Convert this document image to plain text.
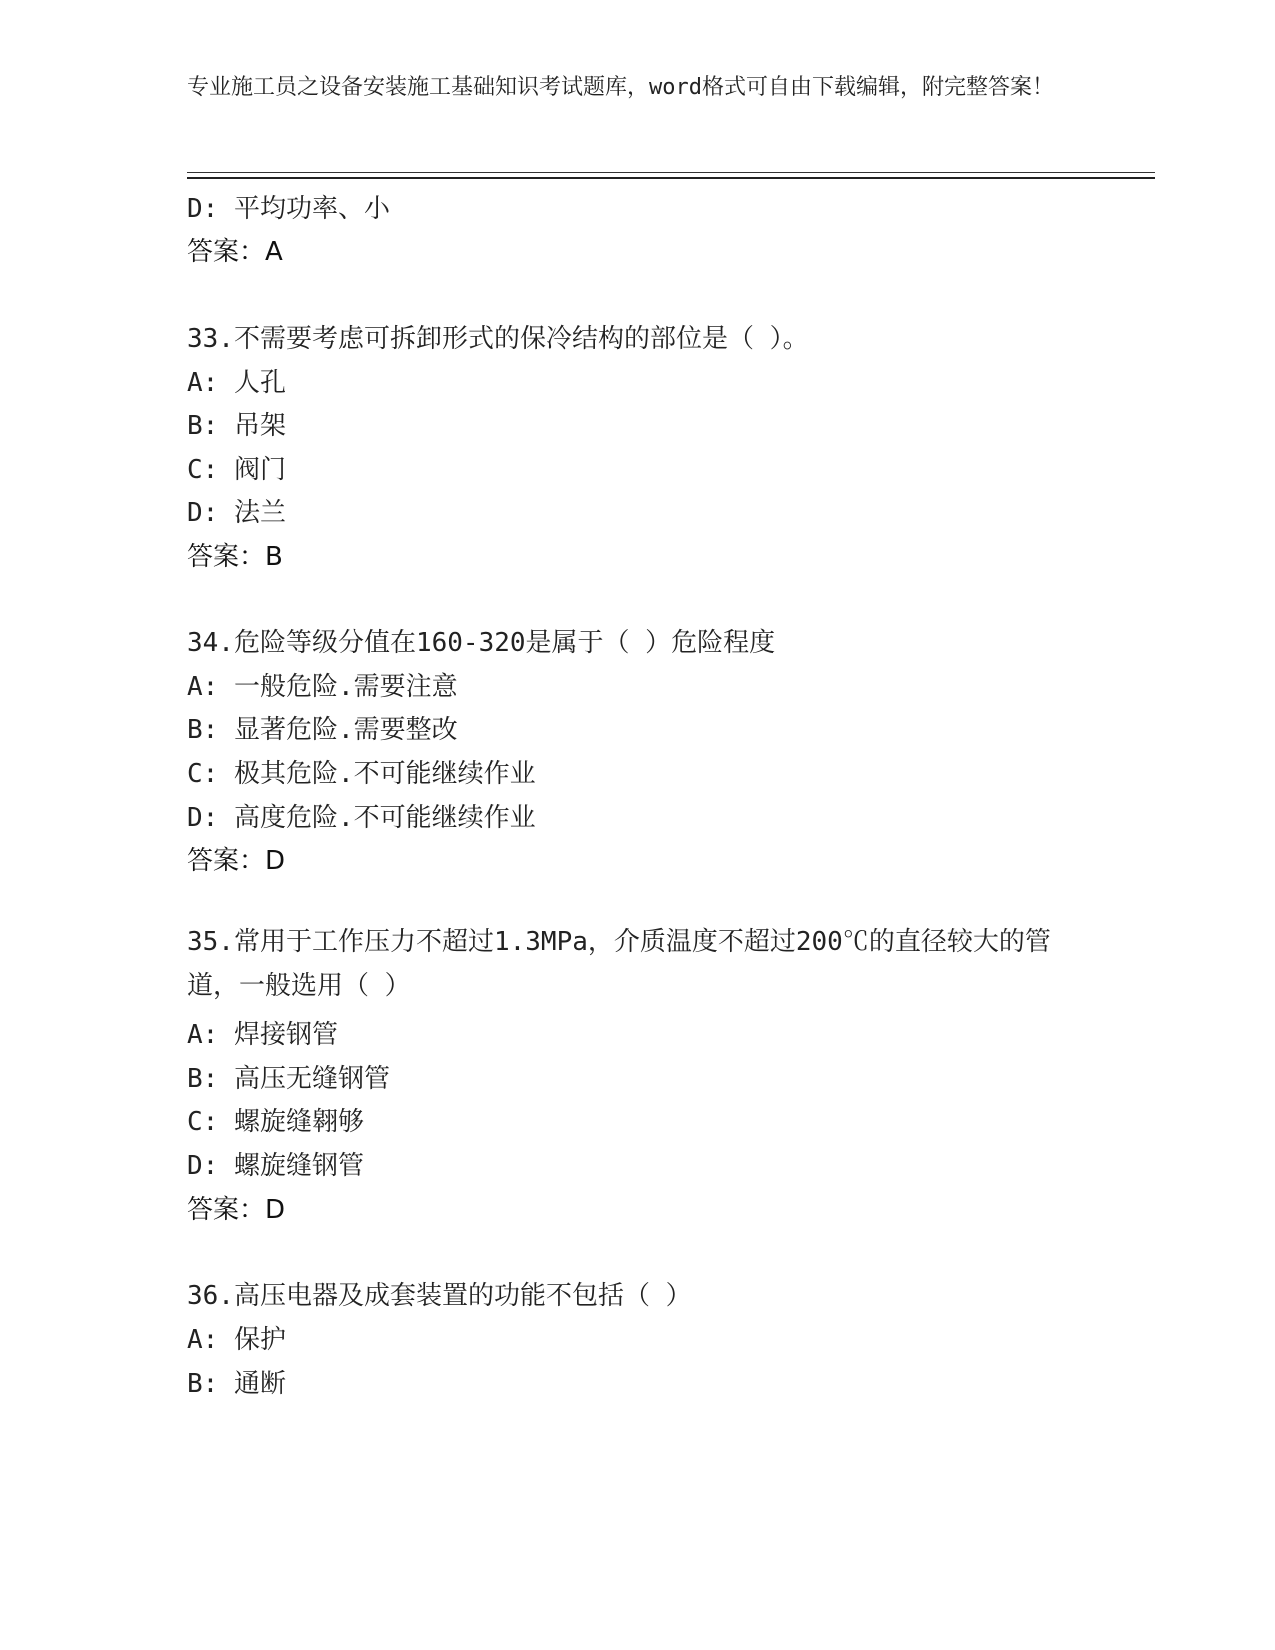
专业施工员之设备安装施工基础知识考试题库，word格式可自由下载编辑，附完整答案！
D: 平均功率、小
答案：A
33.不需要考虑可拆卸形式的保冷结构的部位是（ ）。
A: 人孔
B: 吊架
C: 阀门
D: 法兰
答案：B
34.危险等级分值在160-320是属于（ ）危险程度
A: 一般危险.需要注意
B: 显著危险.需要整改
C: 极其危险.不可能继续作业
D: 高度危险.不可能继续作业
答案：D
35.常用于工作压力不超过1.3MPa，介质温度不超过200℃的直径较大的管道，一般选用（ ）
A: 焊接钢管
B: 高压无缝钢管
C: 螺旋缝翱够
D: 螺旋缝钢管
答案：D
36.高压电器及成套装置的功能不包括（ ）
A: 保护
B: 通断
